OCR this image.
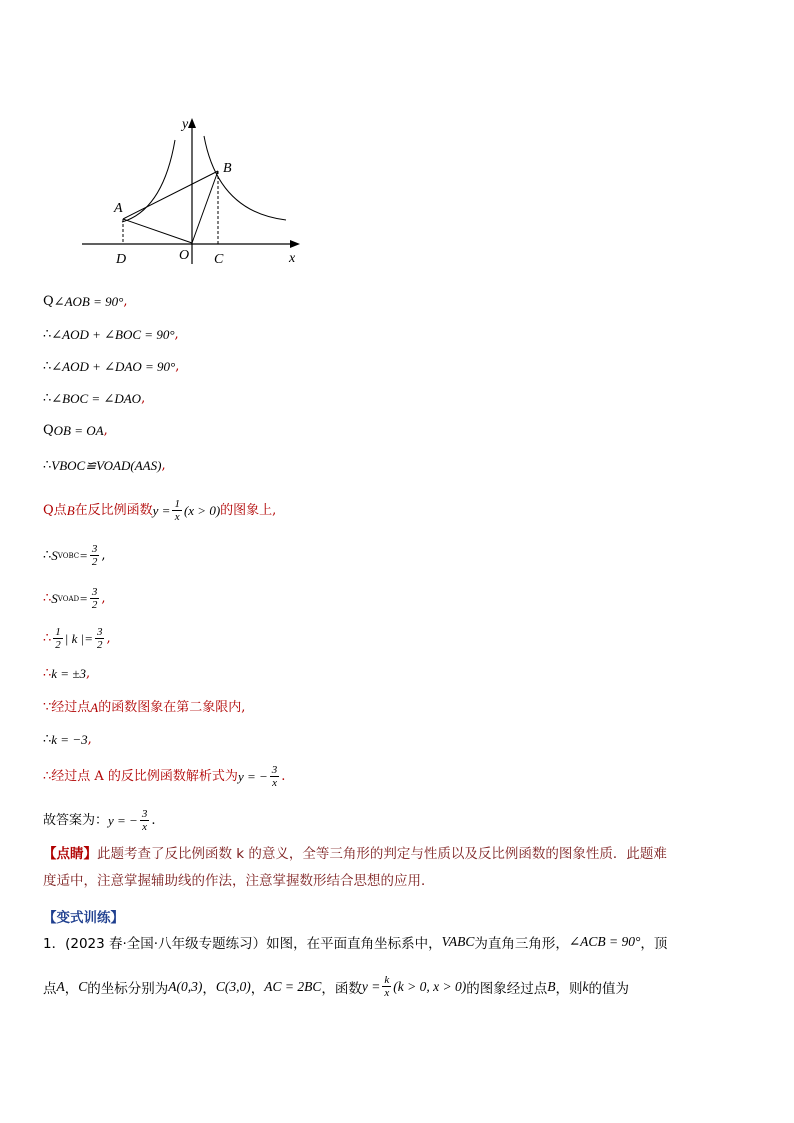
y
x
A
B
O C
D
Q ∠AOB = 90° ,
∴ ∠AOD + ∠BOC = 90° ,
∴ ∠AOD + ∠DAO = 90° ,
∴ ∠BOC = ∠DAO ,
Q OB = OA ,
∴ VBOC≌VOAD (AAS) ,
Q 点 B 在反比例函数 $y = \frac{1}{x} (x > 0)$ 的图象上,
∴ S VOBC = $\frac{3}{2}$ ,
∴ S VOAD = $\frac{3}{2}$ ,
∴ $\frac{1}{2}$ | k |= $\frac{3}{2}$ ,
∴ k = ±3 ,
∵ 经过点 A 的函数图象在第二象限内,
∴ k = −3 ,
∴ 经过点 A 的反比例函数解析式为 y = − $\frac{3}{x}$ .
故答案为： y = − $\frac{3}{x}$ .
【点睛】此题考查了反比例函数 k 的意义，全等三角形的判定与性质以及反比例函数的图象性质．此题难
度适中，注意掌握辅助线的作法，注意掌握数形结合思想的应用．
【变式训练】
1．(2023 春·全国·八年级专题练习）如图，在平面直角坐标系中， VABC 为直角三角形， ∠ACB = 90° ，顶
点 A ， C 的坐标分别为 A(0,3) ， C(3,0) ， AC = 2BC ，函数 $y = \frac{k}{x} (k > 0$, x > 0) 的图象经过点 B ，则 k 的值为
